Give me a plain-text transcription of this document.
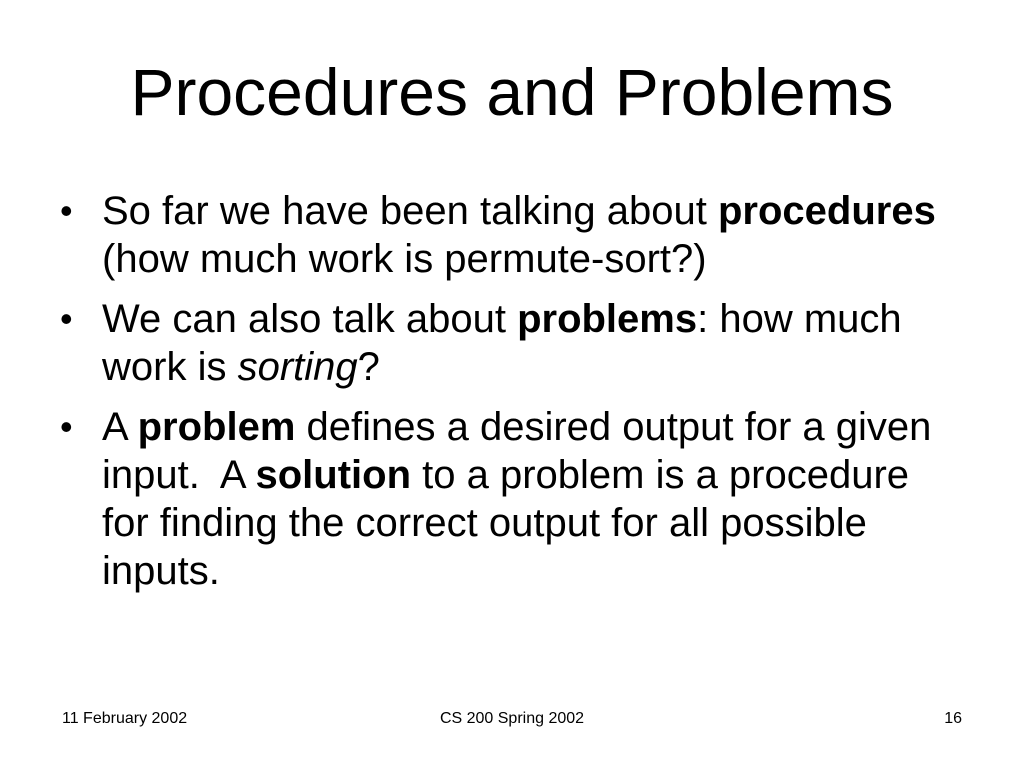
Procedures and Problems
• So far we have been talking about procedures (how much work is permute-sort?)
• We can also talk about problems: how much work is sorting?
• A problem defines a desired output for a given input.  A solution to a problem is a procedure for finding the correct output for all possible inputs.
11 February 2002	CS 200 Spring 2002	16
